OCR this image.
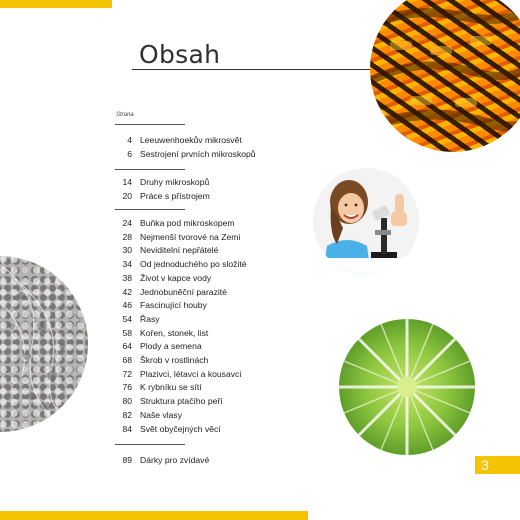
Obsah
Strana
4 Leeuwenhoekův mikrosvět
6 Sestrojení prvních mikroskopů
14 Druhy mikroskopů
20 Práce s přístrojem
24 Buňka pod mikroskopem
28 Nejmenší tvorové na Zemi
30 Neviditelní nepřátelé
34 Od jednoduchého po složité
38 Život v kapce vody
42 Jednobuněční parazité
46 Fascinující houby
54 Řasy
58 Kořen, stonek, list
64 Plody a semena
68 Škrob v rostlinách
72 Plazivci, létavci a kousavci
76 K rybníku se sítí
80 Struktura ptačího peří
82 Naše vlasy
84 Svět obyčejných věcí
89 Dárky pro zvídavé	3
